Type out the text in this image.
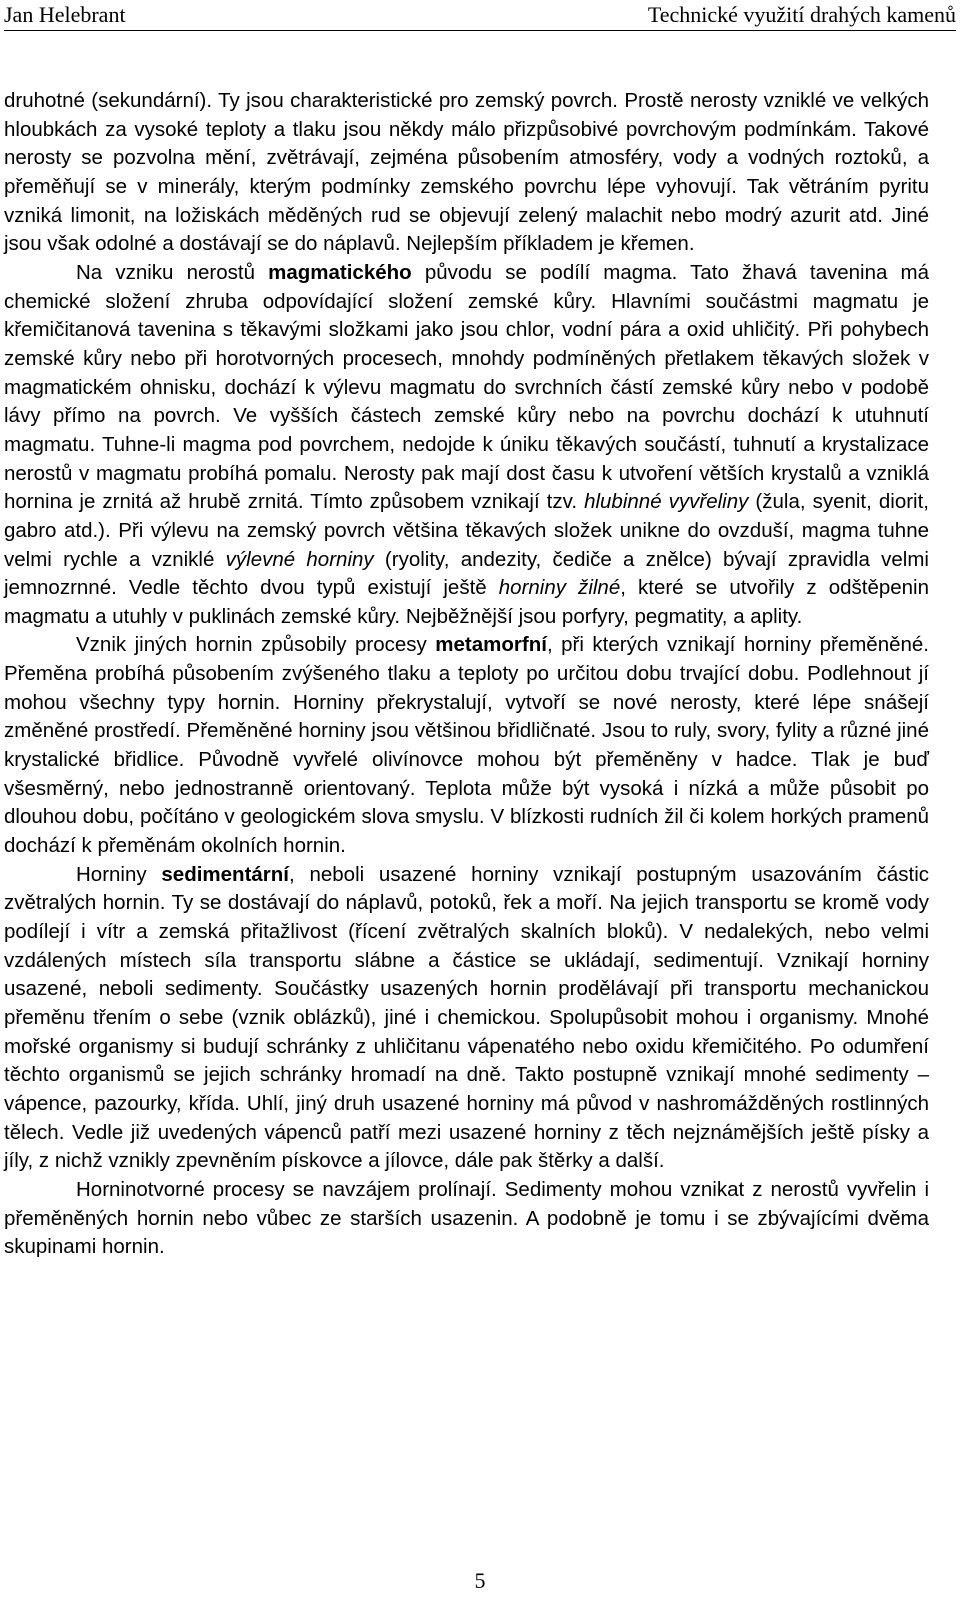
Jan Helebrant	Technické využití drahých kamenů

druhotné (sekundární). Ty jsou charakteristické pro zemský povrch. Prostě nerosty vzniklé ve velkých hloubkách za vysoké teploty a tlaku jsou někdy málo přizpůsobivé povrchovým podmínkám. Takové nerosty se pozvolna mění, zvětrávají, zejména působením atmosféry, vody a vodných roztoků, a přeměňují se v minerály, kterým podmínky zemského povrchu lépe vyhovují. Tak větráním pyritu vzniká limonit, na ložiskách měděných rud se objevují zelený malachit nebo modrý azurit atd. Jiné jsou však odolné a dostávají se do náplavů. Nejlepším příkladem je křemen.

Na vzniku nerostů magmatického původu se podílí magma. Tato žhavá tavenina má chemické složení zhruba odpovídající složení zemské kůry. Hlavními součástmi magmatu je křemičitanová tavenina s těkavými složkami jako jsou chlor, vodní pára a oxid uhličitý. Při pohybech zemské kůry nebo při horotvorných procesech, mnohdy podmíněných přetlakem těkavých složek v magmatickém ohnisku, dochází k výlevu magmatu do svrchních částí zemské kůry nebo v podobě lávy přímo na povrch. Ve vyšších částech zemské kůry nebo na povrchu dochází k utuhnutí magmatu. Tuhne-li magma pod povrchem, nedojde k úniku těkavých součástí, tuhnutí a krystalizace nerostů v magmatu probíhá pomalu. Nerosty pak mají dost času k utvoření větších krystalů a vzniklá hornina je zrnitá až hrubě zrnitá. Tímto způsobem vznikají tzv. hlubinné vyvřeliny (žula, syenit, diorit, gabro atd.). Při výlevu na zemský povrch většina těkavých složek unikne do ovzduší, magma tuhne velmi rychle a vzniklé výlevné horniny (ryolity, andezity, čediče a znělce) bývají zpravidla velmi jemnozrnné. Vedle těchto dvou typů existují ještě horniny žilné, které se utvořily z odštěpenin magmatu a utuhly v puklinách zemské kůry. Nejběžnější jsou porfyry, pegmatity, a aplity.

Vznik jiných hornin způsobily procesy metamorfní, při kterých vznikají horniny přeměněné. Přeměna probíhá působením zvýšeného tlaku a teploty po určitou dobu trvající dobu. Podlehnout jí mohou všechny typy hornin. Horniny překrystalují, vytvoří se nové nerosty, které lépe snášejí změněné prostředí. Přeměněné horniny jsou většinou břidličnaté. Jsou to ruly, svory, fylity a různé jiné krystalické břidlice. Původně vyvřelé olivínovce mohou být přeměněny v hadce. Tlak je buď všesměrný, nebo jednostranně orientovaný. Teplota může být vysoká i nízká a může působit po dlouhou dobu, počítáno v geologickém slova smyslu. V blízkosti rudních žil či kolem horkých pramenů dochází k přeměnám okolních hornin.

Horniny sedimentární, neboli usazené horniny vznikají postupným usazováním částic zvětralých hornin. Ty se dostávají do náplavů, potoků, řek a moří. Na jejich transportu se kromě vody podílejí i vítr a zemská přitažlivost (řícení zvětralých skalních bloků). V nedalekých, nebo velmi vzdálených místech síla transportu slábne a částice se ukládají, sedimentují. Vznikají horniny usazené, neboli sedimenty. Součástky usazených hornin prodělávají při transportu mechanickou přeměnu třením o sebe (vznik oblázků), jiné i chemickou. Spolupůsobit mohou i organismy. Mnohé mořské organismy si budují schránky z uhličitanu vápenatého nebo oxidu křemičitého. Po odumření těchto organismů se jejich schránky hromadí na dně. Takto postupně vznikají mnohé sedimenty – vápence, pazourky, křída. Uhlí, jiný druh usazené horniny má původ v nashromážděných rostlinných tělech. Vedle již uvedených vápenců patří mezi usazené horniny z těch nejznámějších ještě písky a jíly, z nichž vznikly zpevněním pískovce a jílovce, dále pak štěrky a další.

Horninotvorné procesy se navzájem prolínají. Sedimenty mohou vznikat z nerostů vyvřelin i přeměněných hornin nebo vůbec ze starších usazenin. A podobně je tomu i se zbývajícími dvěma skupinami hornin.

5
